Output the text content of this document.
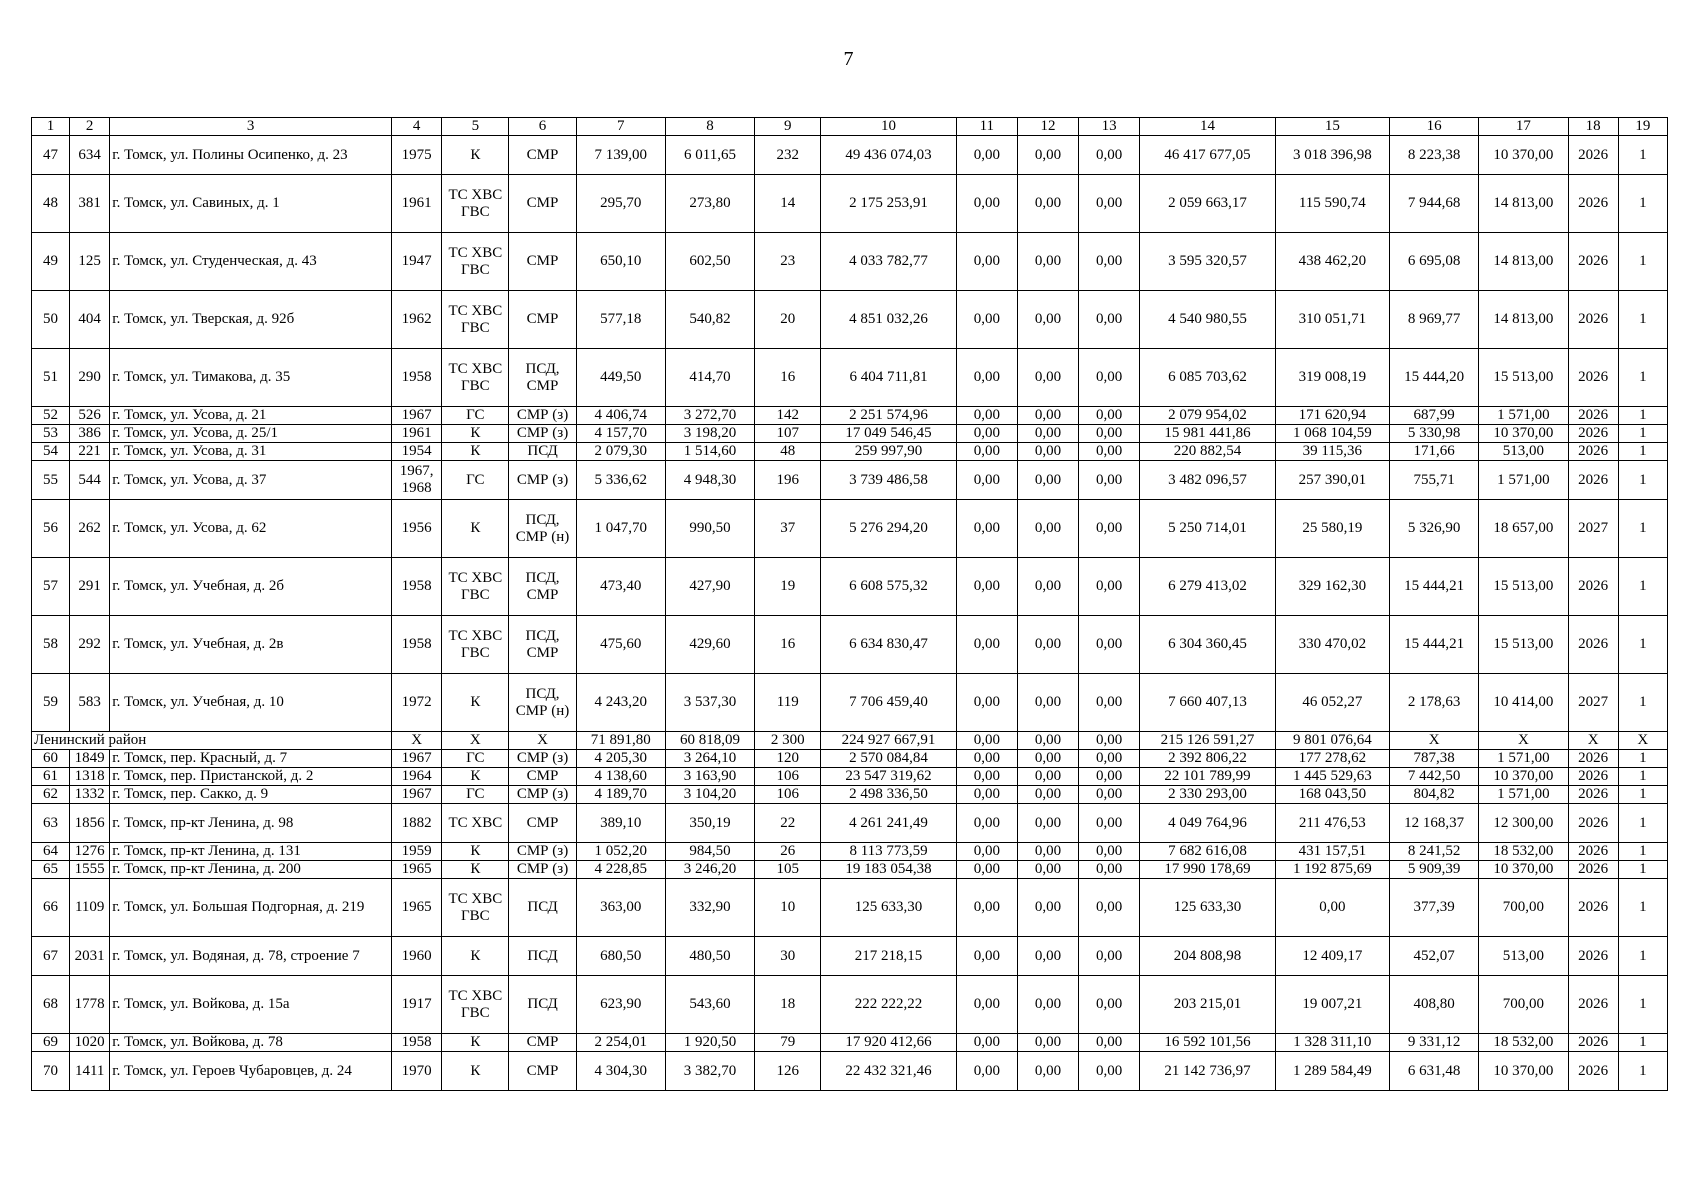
7
1	2	3	4	5	6	7	8	9	10	11	12	13	14	15	16	17	18	19
47	634	г. Томск, ул. Полины Осипенко, д. 23	1975	К	СМР	7 139,00	6 011,65	232	49 436 074,03	0,00	0,00	0,00	46 417 677,05	3 018 396,98	8 223,38	10 370,00	2026	1
48	381	г. Томск, ул. Савиных, д. 1	1961	ТС ХВС ГВС	СМР	295,70	273,80	14	2 175 253,91	0,00	0,00	0,00	2 059 663,17	115 590,74	7 944,68	14 813,00	2026	1
49	125	г. Томск, ул. Студенческая, д. 43	1947	ТС ХВС ГВС	СМР	650,10	602,50	23	4 033 782,77	0,00	0,00	0,00	3 595 320,57	438 462,20	6 695,08	14 813,00	2026	1
50	404	г. Томск, ул. Тверская, д. 92б	1962	ТС ХВС ГВС	СМР	577,18	540,82	20	4 851 032,26	0,00	0,00	0,00	4 540 980,55	310 051,71	8 969,77	14 813,00	2026	1
51	290	г. Томск, ул. Тимакова, д. 35	1958	ТС ХВС ГВС	ПСД, СМР	449,50	414,70	16	6 404 711,81	0,00	0,00	0,00	6 085 703,62	319 008,19	15 444,20	15 513,00	2026	1
52	526	г. Томск, ул. Усова, д. 21	1967	ГС	СМР (з)	4 406,74	3 272,70	142	2 251 574,96	0,00	0,00	0,00	2 079 954,02	171 620,94	687,99	1 571,00	2026	1
53	386	г. Томск, ул. Усова, д. 25/1	1961	К	СМР (з)	4 157,70	3 198,20	107	17 049 546,45	0,00	0,00	0,00	15 981 441,86	1 068 104,59	5 330,98	10 370,00	2026	1
54	221	г. Томск, ул. Усова, д. 31	1954	К	ПСД	2 079,30	1 514,60	48	259 997,90	0,00	0,00	0,00	220 882,54	39 115,36	171,66	513,00	2026	1
55	544	г. Томск, ул. Усова, д. 37	1967, 1968	ГС	СМР (з)	5 336,62	4 948,30	196	3 739 486,58	0,00	0,00	0,00	3 482 096,57	257 390,01	755,71	1 571,00	2026	1
56	262	г. Томск, ул. Усова, д. 62	1956	К	ПСД, СМР (н)	1 047,70	990,50	37	5 276 294,20	0,00	0,00	0,00	5 250 714,01	25 580,19	5 326,90	18 657,00	2027	1
57	291	г. Томск, ул. Учебная, д. 2б	1958	ТС ХВС ГВС	ПСД, СМР	473,40	427,90	19	6 608 575,32	0,00	0,00	0,00	6 279 413,02	329 162,30	15 444,21	15 513,00	2026	1
58	292	г. Томск, ул. Учебная, д. 2в	1958	ТС ХВС ГВС	ПСД, СМР	475,60	429,60	16	6 634 830,47	0,00	0,00	0,00	6 304 360,45	330 470,02	15 444,21	15 513,00	2026	1
59	583	г. Томск, ул. Учебная, д. 10	1972	К	ПСД, СМР (н)	4 243,20	3 537,30	119	7 706 459,40	0,00	0,00	0,00	7 660 407,13	46 052,27	2 178,63	10 414,00	2027	1
Ленинский район			X	X	X	71 891,80	60 818,09	2 300	224 927 667,91	0,00	0,00	0,00	215 126 591,27	9 801 076,64	X	X	X	X
60	1849	г. Томск, пер. Красный, д. 7	1967	ГС	СМР (з)	4 205,30	3 264,10	120	2 570 084,84	0,00	0,00	0,00	2 392 806,22	177 278,62	787,38	1 571,00	2026	1
61	1318	г. Томск, пер. Пристанской, д. 2	1964	К	СМР	4 138,60	3 163,90	106	23 547 319,62	0,00	0,00	0,00	22 101 789,99	1 445 529,63	7 442,50	10 370,00	2026	1
62	1332	г. Томск, пер. Сакко, д. 9	1967	ГС	СМР (з)	4 189,70	3 104,20	106	2 498 336,50	0,00	0,00	0,00	2 330 293,00	168 043,50	804,82	1 571,00	2026	1
63	1856	г. Томск, пр-кт Ленина, д. 98	1882	ТС ХВС	СМР	389,10	350,19	22	4 261 241,49	0,00	0,00	0,00	4 049 764,96	211 476,53	12 168,37	12 300,00	2026	1
64	1276	г. Томск, пр-кт Ленина, д. 131	1959	К	СМР (з)	1 052,20	984,50	26	8 113 773,59	0,00	0,00	0,00	7 682 616,08	431 157,51	8 241,52	18 532,00	2026	1
65	1555	г. Томск, пр-кт Ленина, д. 200	1965	К	СМР (з)	4 228,85	3 246,20	105	19 183 054,38	0,00	0,00	0,00	17 990 178,69	1 192 875,69	5 909,39	10 370,00	2026	1
66	1109	г. Томск, ул. Большая Подгорная, д. 219	1965	ТС ХВС ГВС	ПСД	363,00	332,90	10	125 633,30	0,00	0,00	0,00	125 633,30	0,00	377,39	700,00	2026	1
67	2031	г. Томск, ул. Водяная, д. 78, строение 7	1960	К	ПСД	680,50	480,50	30	217 218,15	0,00	0,00	0,00	204 808,98	12 409,17	452,07	513,00	2026	1
68	1778	г. Томск, ул. Войкова, д. 15а	1917	ТС ХВС ГВС	ПСД	623,90	543,60	18	222 222,22	0,00	0,00	0,00	203 215,01	19 007,21	408,80	700,00	2026	1
69	1020	г. Томск, ул. Войкова, д. 78	1958	К	СМР	2 254,01	1 920,50	79	17 920 412,66	0,00	0,00	0,00	16 592 101,56	1 328 311,10	9 331,12	18 532,00	2026	1
70	1411	г. Томск, ул. Героев Чубаровцев, д. 24	1970	К	СМР	4 304,30	3 382,70	126	22 432 321,46	0,00	0,00	0,00	21 142 736,97	1 289 584,49	6 631,48	10 370,00	2026	1
